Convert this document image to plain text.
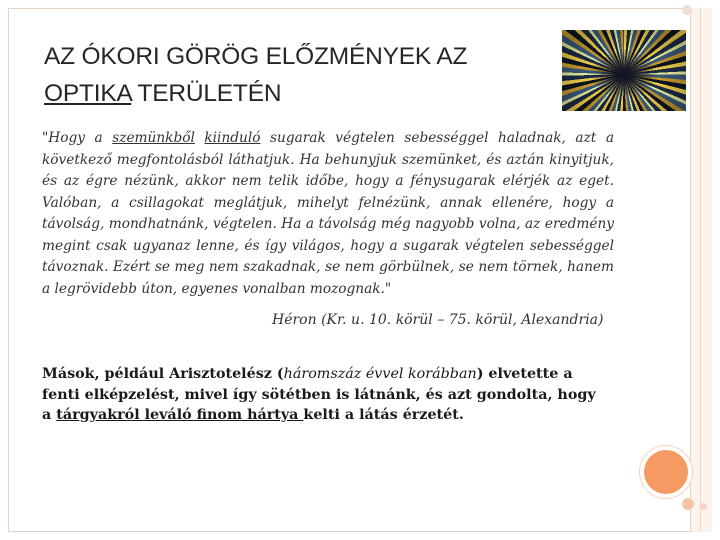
AZ ÓKORI GÖRÖG ELŐZMÉNYEK AZ
OPTIKA TERÜLETÉN
"Hogy a szemünkből kiinduló sugarak végtelen sebességgel haladnak, azt a következő megfontolásból láthatjuk. Ha behunyjuk szemünket, és aztán kinyitjuk, és az égre nézünk, akkor nem telik időbe, hogy a fénysugarak elérjék az eget. Valóban, a csillagokat meglátjuk, mihelyt felnézünk, annak ellenére, hogy a távolság, mondhatnánk, végtelen. Ha a távolság még nagyobb volna, az eredmény megint csak ugyanaz lenne, és így világos, hogy a sugarak végtelen sebességgel távoznak. Ezért se meg nem szakadnak, se nem görbülnek, se nem törnek, hanem a legrövidebb úton, egyenes vonalban mozognak."
Héron (Kr. u. 10. körül – 75. körül, Alexandria)
Mások, például Arisztotelész (háromszáz évvel korábban) elvetette a fenti elképzelést, mivel így sötétben is látnánk, és azt gondolta, hogy a tárgyakról leváló finom hártya kelti a látás érzetét.
